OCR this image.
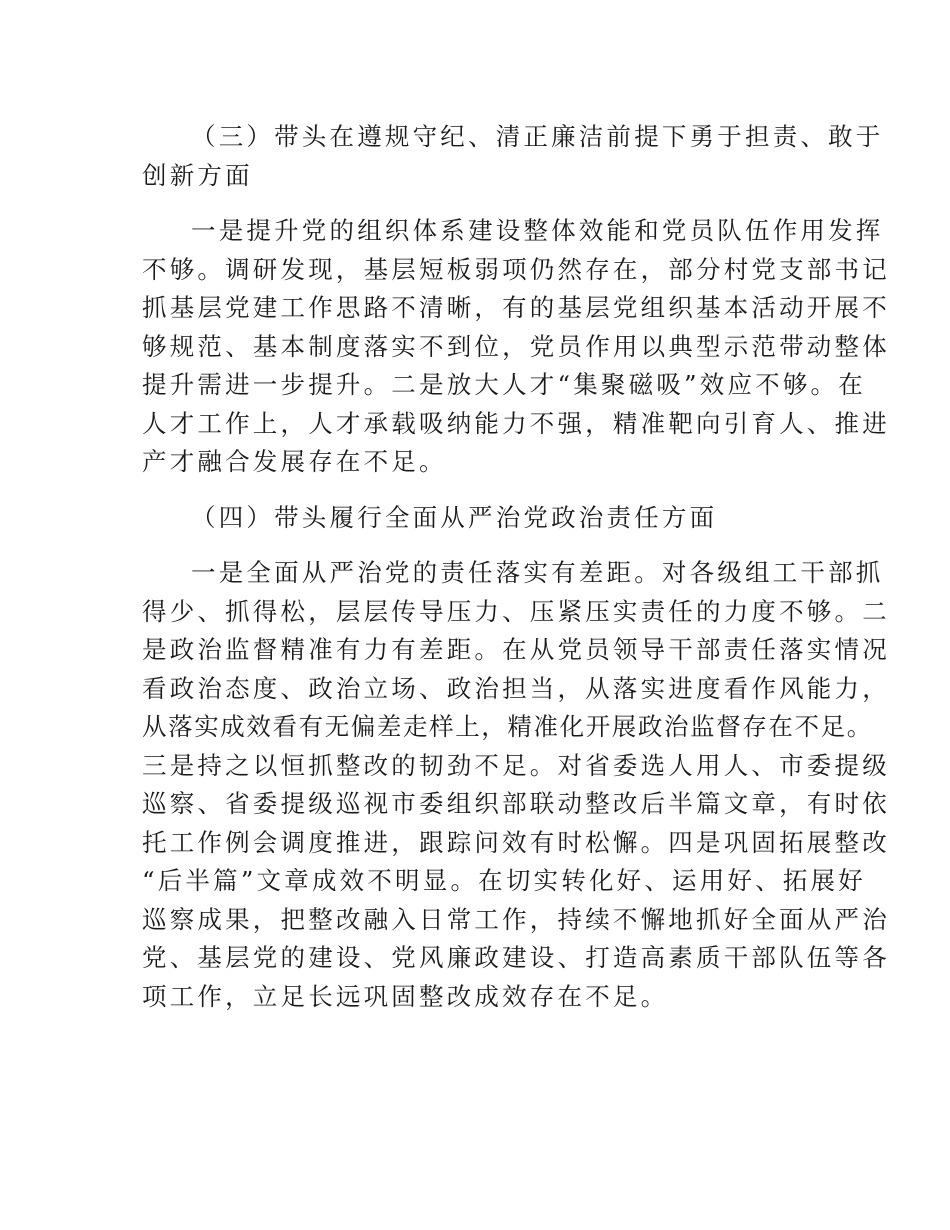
（三）带头在遵规守纪、清正廉洁前提下勇于担责、敢于
创新方面

一是提升党的组织体系建设整体效能和党员队伍作用发挥
不够。调研发现，基层短板弱项仍然存在，部分村党支部书记
抓基层党建工作思路不清晰，有的基层党组织基本活动开展不
够规范、基本制度落实不到位，党员作用以典型示范带动整体
提升需进一步提升。二是放大人才“集聚磁吸”效应不够。在
人才工作上，人才承载吸纳能力不强，精准靶向引育人、推进
产才融合发展存在不足。

（四）带头履行全面从严治党政治责任方面

一是全面从严治党的责任落实有差距。对各级组工干部抓
得少、抓得松，层层传导压力、压紧压实责任的力度不够。二
是政治监督精准有力有差距。在从党员领导干部责任落实情况
看政治态度、政治立场、政治担当，从落实进度看作风能力，
从落实成效看有无偏差走样上，精准化开展政治监督存在不足。
三是持之以恒抓整改的韧劲不足。对省委选人用人、市委提级
巡察、省委提级巡视市委组织部联动整改后半篇文章，有时依
托工作例会调度推进，跟踪问效有时松懈。四是巩固拓展整改
“后半篇”文章成效不明显。在切实转化好、运用好、拓展好
巡察成果，把整改融入日常工作，持续不懈地抓好全面从严治
党、基层党的建设、党风廉政建设、打造高素质干部队伍等各
项工作，立足长远巩固整改成效存在不足。
